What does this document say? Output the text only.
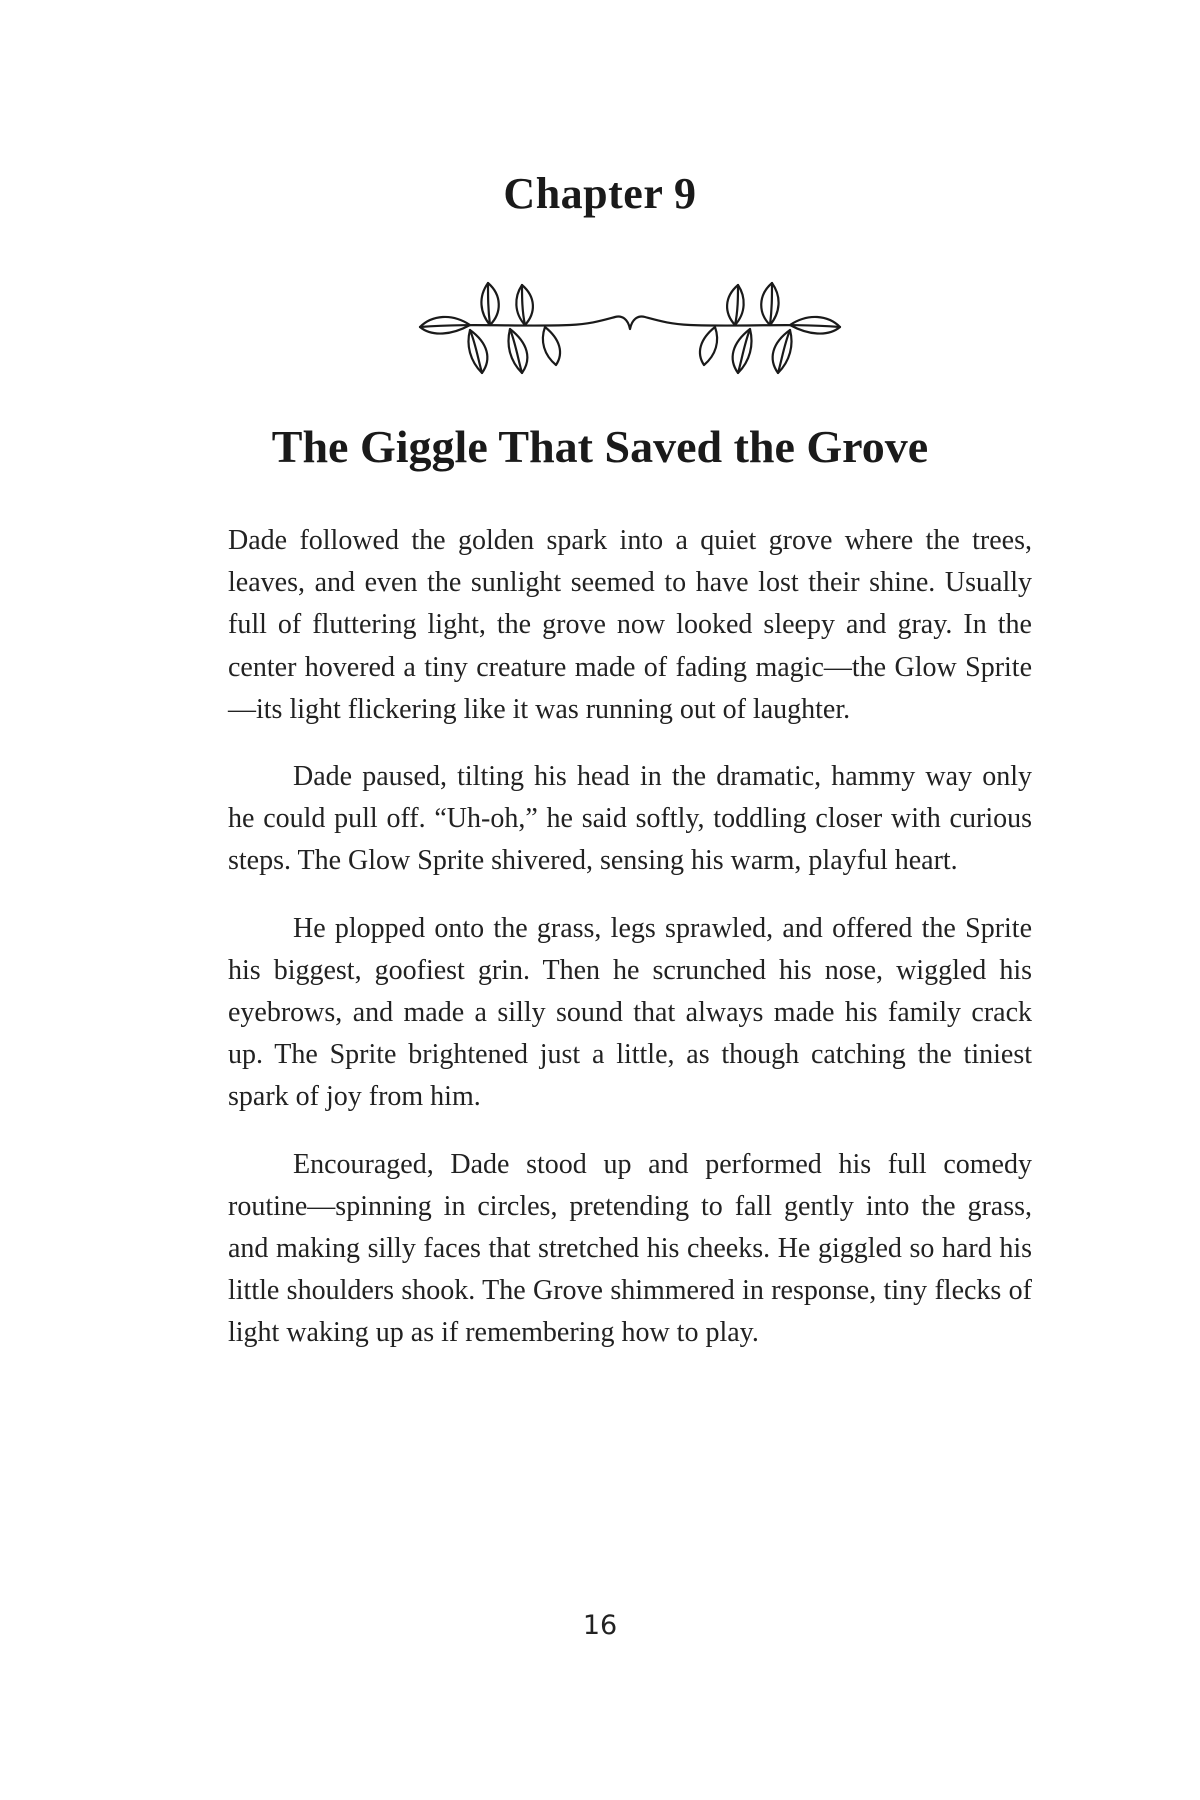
Chapter 9
The Giggle That Saved the Grove

Dade followed the golden spark into a quiet grove where the trees, leaves, and even the sunlight seemed to have lost their shine. Usually full of fluttering light, the grove now looked sleepy and gray. In the center hovered a tiny creature made of fading magic—the Glow Sprite—its light flickering like it was running out of laughter.

Dade paused, tilting his head in the dramatic, hammy way only he could pull off. “Uh-oh,” he said softly, toddling closer with curious steps. The Glow Sprite shivered, sensing his warm, playful heart.

He plopped onto the grass, legs sprawled, and offered the Sprite his biggest, goofiest grin. Then he scrunched his nose, wiggled his eyebrows, and made a silly sound that always made his family crack up. The Sprite brightened just a little, as though catching the tiniest spark of joy from him.

Encouraged, Dade stood up and performed his full comedy routine—spinning in circles, pretending to fall gently into the grass, and making silly faces that stretched his cheeks. He giggled so hard his little shoulders shook. The Grove shimmered in response, tiny flecks of light waking up as if remembering how to play.

16
